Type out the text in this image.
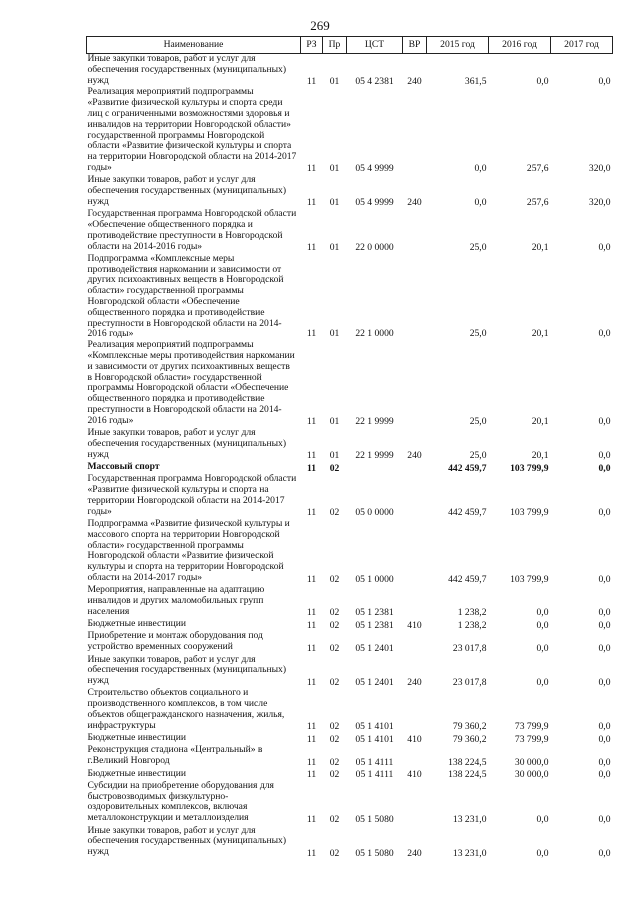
269
Наименование	РЗ	Пр	ЦСТ	ВР	2015 год	2016 год	2017 год
Иные закупки товаров, работ и услуг для обеспечения государственных (муниципальных) нужд	11	01	05 4 2381	240	361,5	0,0	0,0
Реализация мероприятий подпрограммы «Развитие физической культуры и спорта среди лиц с ограниченными возможностями здоровья и инвалидов на территории Новгородской области» государственной программы Новгородской области «Развитие физической культуры и спорта на территории Новгородской области на 2014-2017 годы»	11	01	05 4 9999		0,0	257,6	320,0
Иные закупки товаров, работ и услуг для обеспечения государственных (муниципальных) нужд	11	01	05 4 9999	240	0,0	257,6	320,0
Государственная программа Новгородской области «Обеспечение общественного порядка и противодействие преступности в Новгородской области на 2014-2016 годы»	11	01	22 0 0000		25,0	20,1	0,0
Подпрограмма «Комплексные меры противодействия наркомании и зависимости от других психоактивных веществ в Новгородской области» государственной программы Новгородской области «Обеспечение общественного порядка и противодействие преступности в Новгородской области на 2014-2016 годы»	11	01	22 1 0000		25,0	20,1	0,0
Реализация мероприятий подпрограммы «Комплексные меры противодействия наркомании и зависимости от других психоактивных веществ в Новгородской области» государственной программы Новгородской области «Обеспечение общественного порядка и противодействие преступности в Новгородской области на 2014-2016 годы»	11	01	22 1 9999		25,0	20,1	0,0
Иные закупки товаров, работ и услуг для обеспечения государственных (муниципальных) нужд	11	01	22 1 9999	240	25,0	20,1	0,0
Массовый спорт	11	02			442 459,7	103 799,9	0,0
Государственная программа Новгородской области «Развитие физической культуры и спорта на территории Новгородской области на 2014-2017 годы»	11	02	05 0 0000		442 459,7	103 799,9	0,0
Подпрограмма «Развитие физической культуры и массового спорта на территории Новгородской области» государственной программы Новгородской области «Развитие физической культуры и спорта на территории Новгородской области на 2014-2017 годы»	11	02	05 1 0000		442 459,7	103 799,9	0,0
Мероприятия, направленные на адаптацию инвалидов и других маломобильных групп населения	11	02	05 1 2381		1 238,2	0,0	0,0
Бюджетные инвестиции	11	02	05 1 2381	410	1 238,2	0,0	0,0
Приобретение и монтаж оборудования под устройство временных сооружений	11	02	05 1 2401		23 017,8	0,0	0,0
Иные закупки товаров, работ и услуг для обеспечения государственных (муниципальных) нужд	11	02	05 1 2401	240	23 017,8	0,0	0,0
Строительство объектов социального и производственного комплексов, в том числе объектов общегражданского назначения, жилья, инфраструктуры	11	02	05 1 4101		79 360,2	73 799,9	0,0
Бюджетные инвестиции	11	02	05 1 4101	410	79 360,2	73 799,9	0,0
Реконструкция стадиона «Центральный» в г.Великий Новгород	11	02	05 1 4111		138 224,5	30 000,0	0,0
Бюджетные инвестиции	11	02	05 1 4111	410	138 224,5	30 000,0	0,0
Субсидии на приобретение оборудования для быстровозводимых физкультурно-оздоровительных комплексов, включая металлоконструкции и металлоизделия	11	02	05 1 5080		13 231,0	0,0	0,0
Иные закупки товаров, работ и услуг для обеспечения государственных (муниципальных) нужд	11	02	05 1 5080	240	13 231,0	0,0	0,0
